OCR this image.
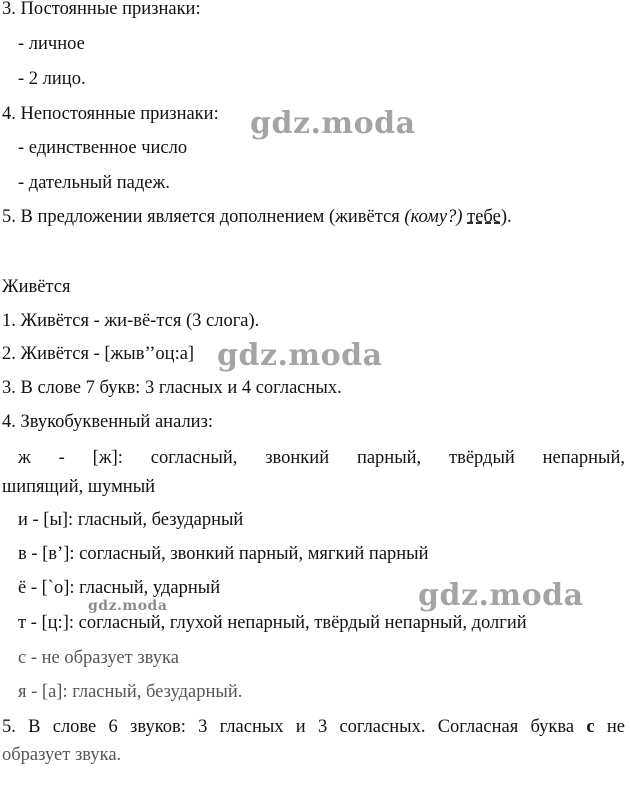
3. Постоянные признаки:
- личное
- 2 лицо.
4. Непостоянные признаки:
- единственное число
- дательный падеж.
5. В предложении является дополнением (живётся (кому?) тебе).
Живётся
1. Живётся - жи-вё-тся (3 слога).
2. Живётся - [жыв’’оц:а]
3. В слове 7 букв: 3 гласных и 4 согласных.
4. Звукобуквенный анализ:
ж - [ж]: согласный, звонкий парный, твёрдый непарный,
шипящий, шумный
и - [ы]: гласный, безударный
в - [в’]: согласный, звонкий парный, мягкий парный
ё - [`о]: гласный, ударный
т - [ц:]: согласный, глухой непарный, твёрдый непарный, долгий
с - не образует звука
я - [а]: гласный, безударный.
5. В слове 6 звуков: 3 гласных и 3 согласных. Согласная буква с не
образует звука.
gdz.moda
gdz.moda
gdz.moda
gdz.moda
